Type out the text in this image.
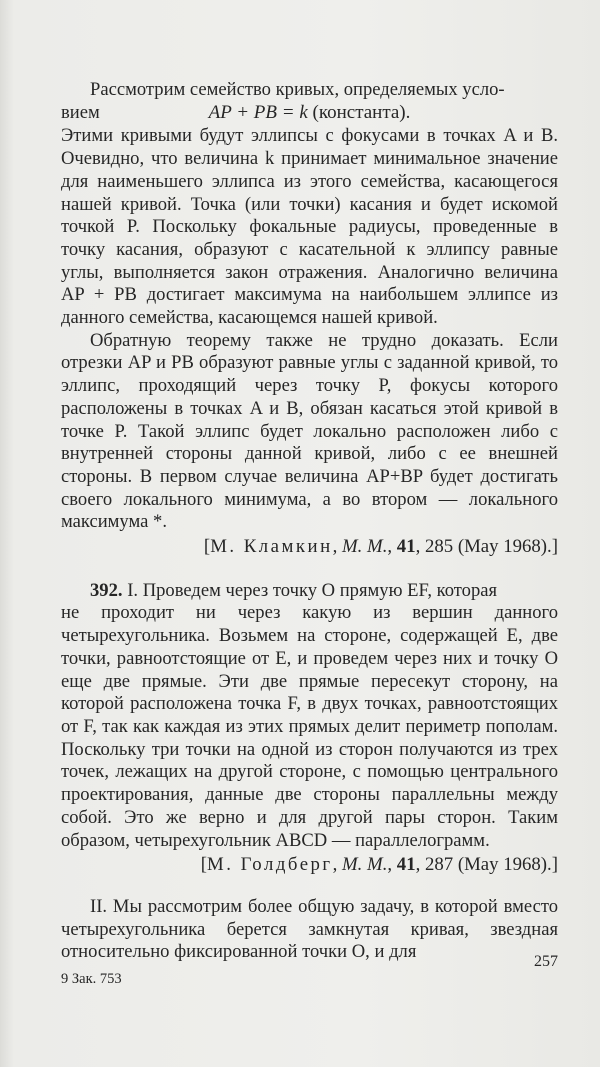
Рассмотрим семейство кривых, определяемых усло-

вием	AP + PB = k (константа).

Этими кривыми будут эллипсы с фокусами в точках A и B. Очевидно, что величина k принимает минимальное значение для наименьшего эллипса из этого семейства, касающегося нашей кривой. Точка (или точки) касания и будет искомой точкой P. Поскольку фокальные радиусы, проведенные в точку касания, образуют с касательной к эллипсу равные углы, выполняется закон отражения. Аналогично величина AP + PB достигает максимума на наибольшем эллипсе из данного семейства, касающемся нашей кривой.

Обратную теорему также не трудно доказать. Если отрезки AP и PB образуют равные углы с заданной кривой, то эллипс, проходящий через точку P, фокусы которого расположены в точках A и B, обязан касаться этой кривой в точке P. Такой эллипс будет локально расположен либо с внутренней стороны данной кривой, либо с ее внешней стороны. В первом случае величина AP+BP будет достигать своего локального минимума, а во втором — локального максимума *.

[М. Кламкин, M. M., 41, 285 (May 1968).]

392. I. Проведем через точку O прямую EF, которая

не проходит ни через какую из вершин данного четырехугольника. Возьмем на стороне, содержащей E, две точки, равноотстоящие от E, и проведем через них и точку O еще две прямые. Эти две прямые пересекут сторону, на которой расположена точка F, в двух точках, равноотстоящих от F, так как каждая из этих прямых делит периметр пополам. Поскольку три точки на одной из сторон получаются из трех точек, лежащих на другой стороне, с помощью центрального проектирования, данные две стороны параллельны между собой. Это же верно и для другой пары сторон. Таким образом, четырехугольник ABCD — параллелограмм.

[М. Голдберг, M. M., 41, 287 (May 1968).]

II. Мы рассмотрим более общую задачу, в которой вместо четырехугольника берется замкнутая кривая, звездная относительно фиксированной точки O, и для

9 Зак. 753
257
